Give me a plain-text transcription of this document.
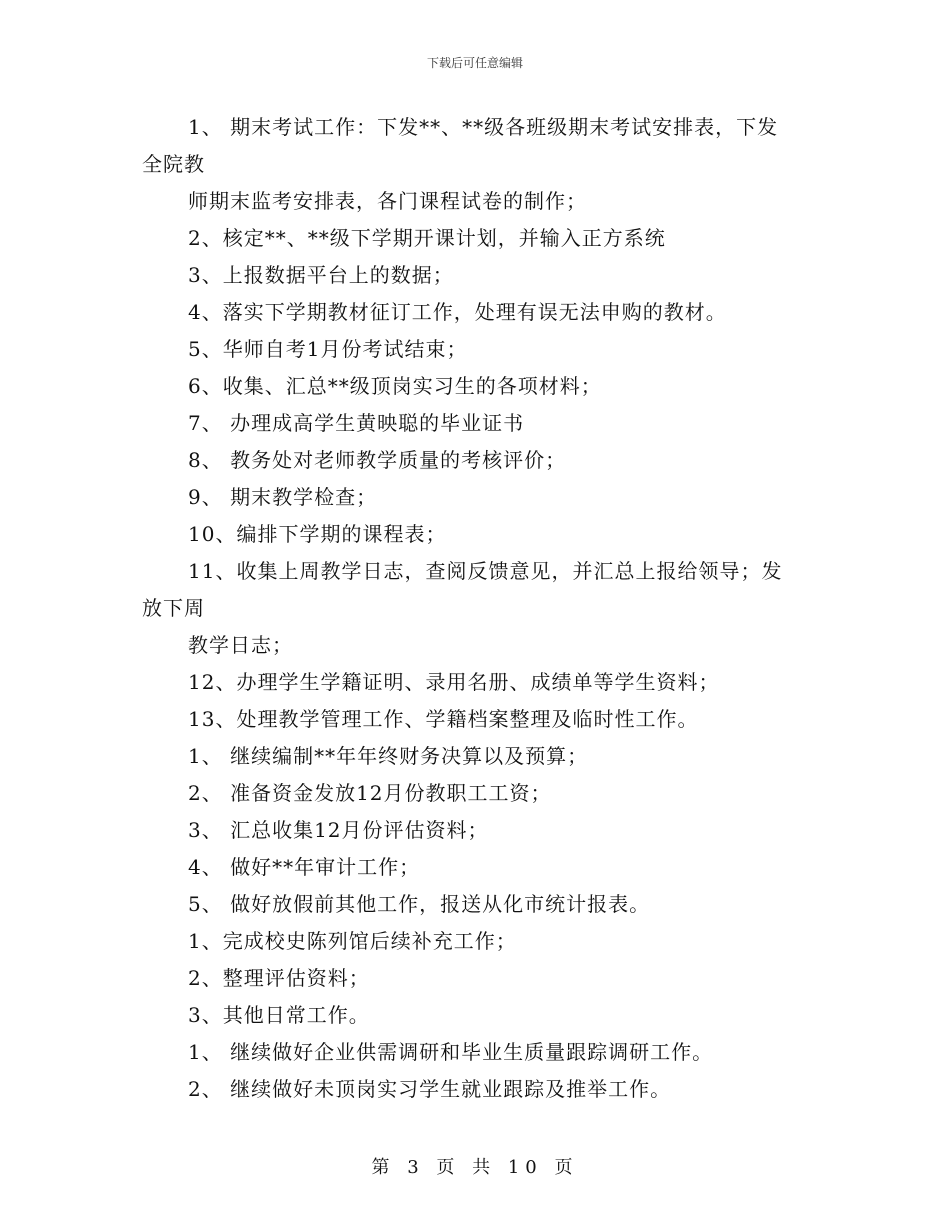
下载后可任意编辑
1、 期末考试工作：下发**、**级各班级期末考试安排表，下发
全院教
师期末监考安排表，各门课程试卷的制作；
2、核定**、**级下学期开课计划，并输入正方系统
3、上报数据平台上的数据；
4、落实下学期教材征订工作，处理有误无法申购的教材。
5、华师自考1月份考试结束；
6、收集、汇总**级顶岗实习生的各项材料；
7、 办理成高学生黄映聪的毕业证书
8、 教务处对老师教学质量的考核评价；
9、 期末教学检查；
10、编排下学期的课程表；
11、收集上周教学日志，查阅反馈意见，并汇总上报给领导；发
放下周
教学日志；
12、办理学生学籍证明、录用名册、成绩单等学生资料；
13、处理教学管理工作、学籍档案整理及临时性工作。
1、 继续编制**年年终财务决算以及预算；
2、 准备资金发放12月份教职工工资；
3、 汇总收集12月份评估资料；
4、 做好**年审计工作；
5、 做好放假前其他工作，报送从化市统计报表。
1、完成校史陈列馆后续补充工作；
2、整理评估资料；
3、其他日常工作。
1、 继续做好企业供需调研和毕业生质量跟踪调研工作。
2、 继续做好未顶岗实习学生就业跟踪及推举工作。
第 3 页 共 10 页
